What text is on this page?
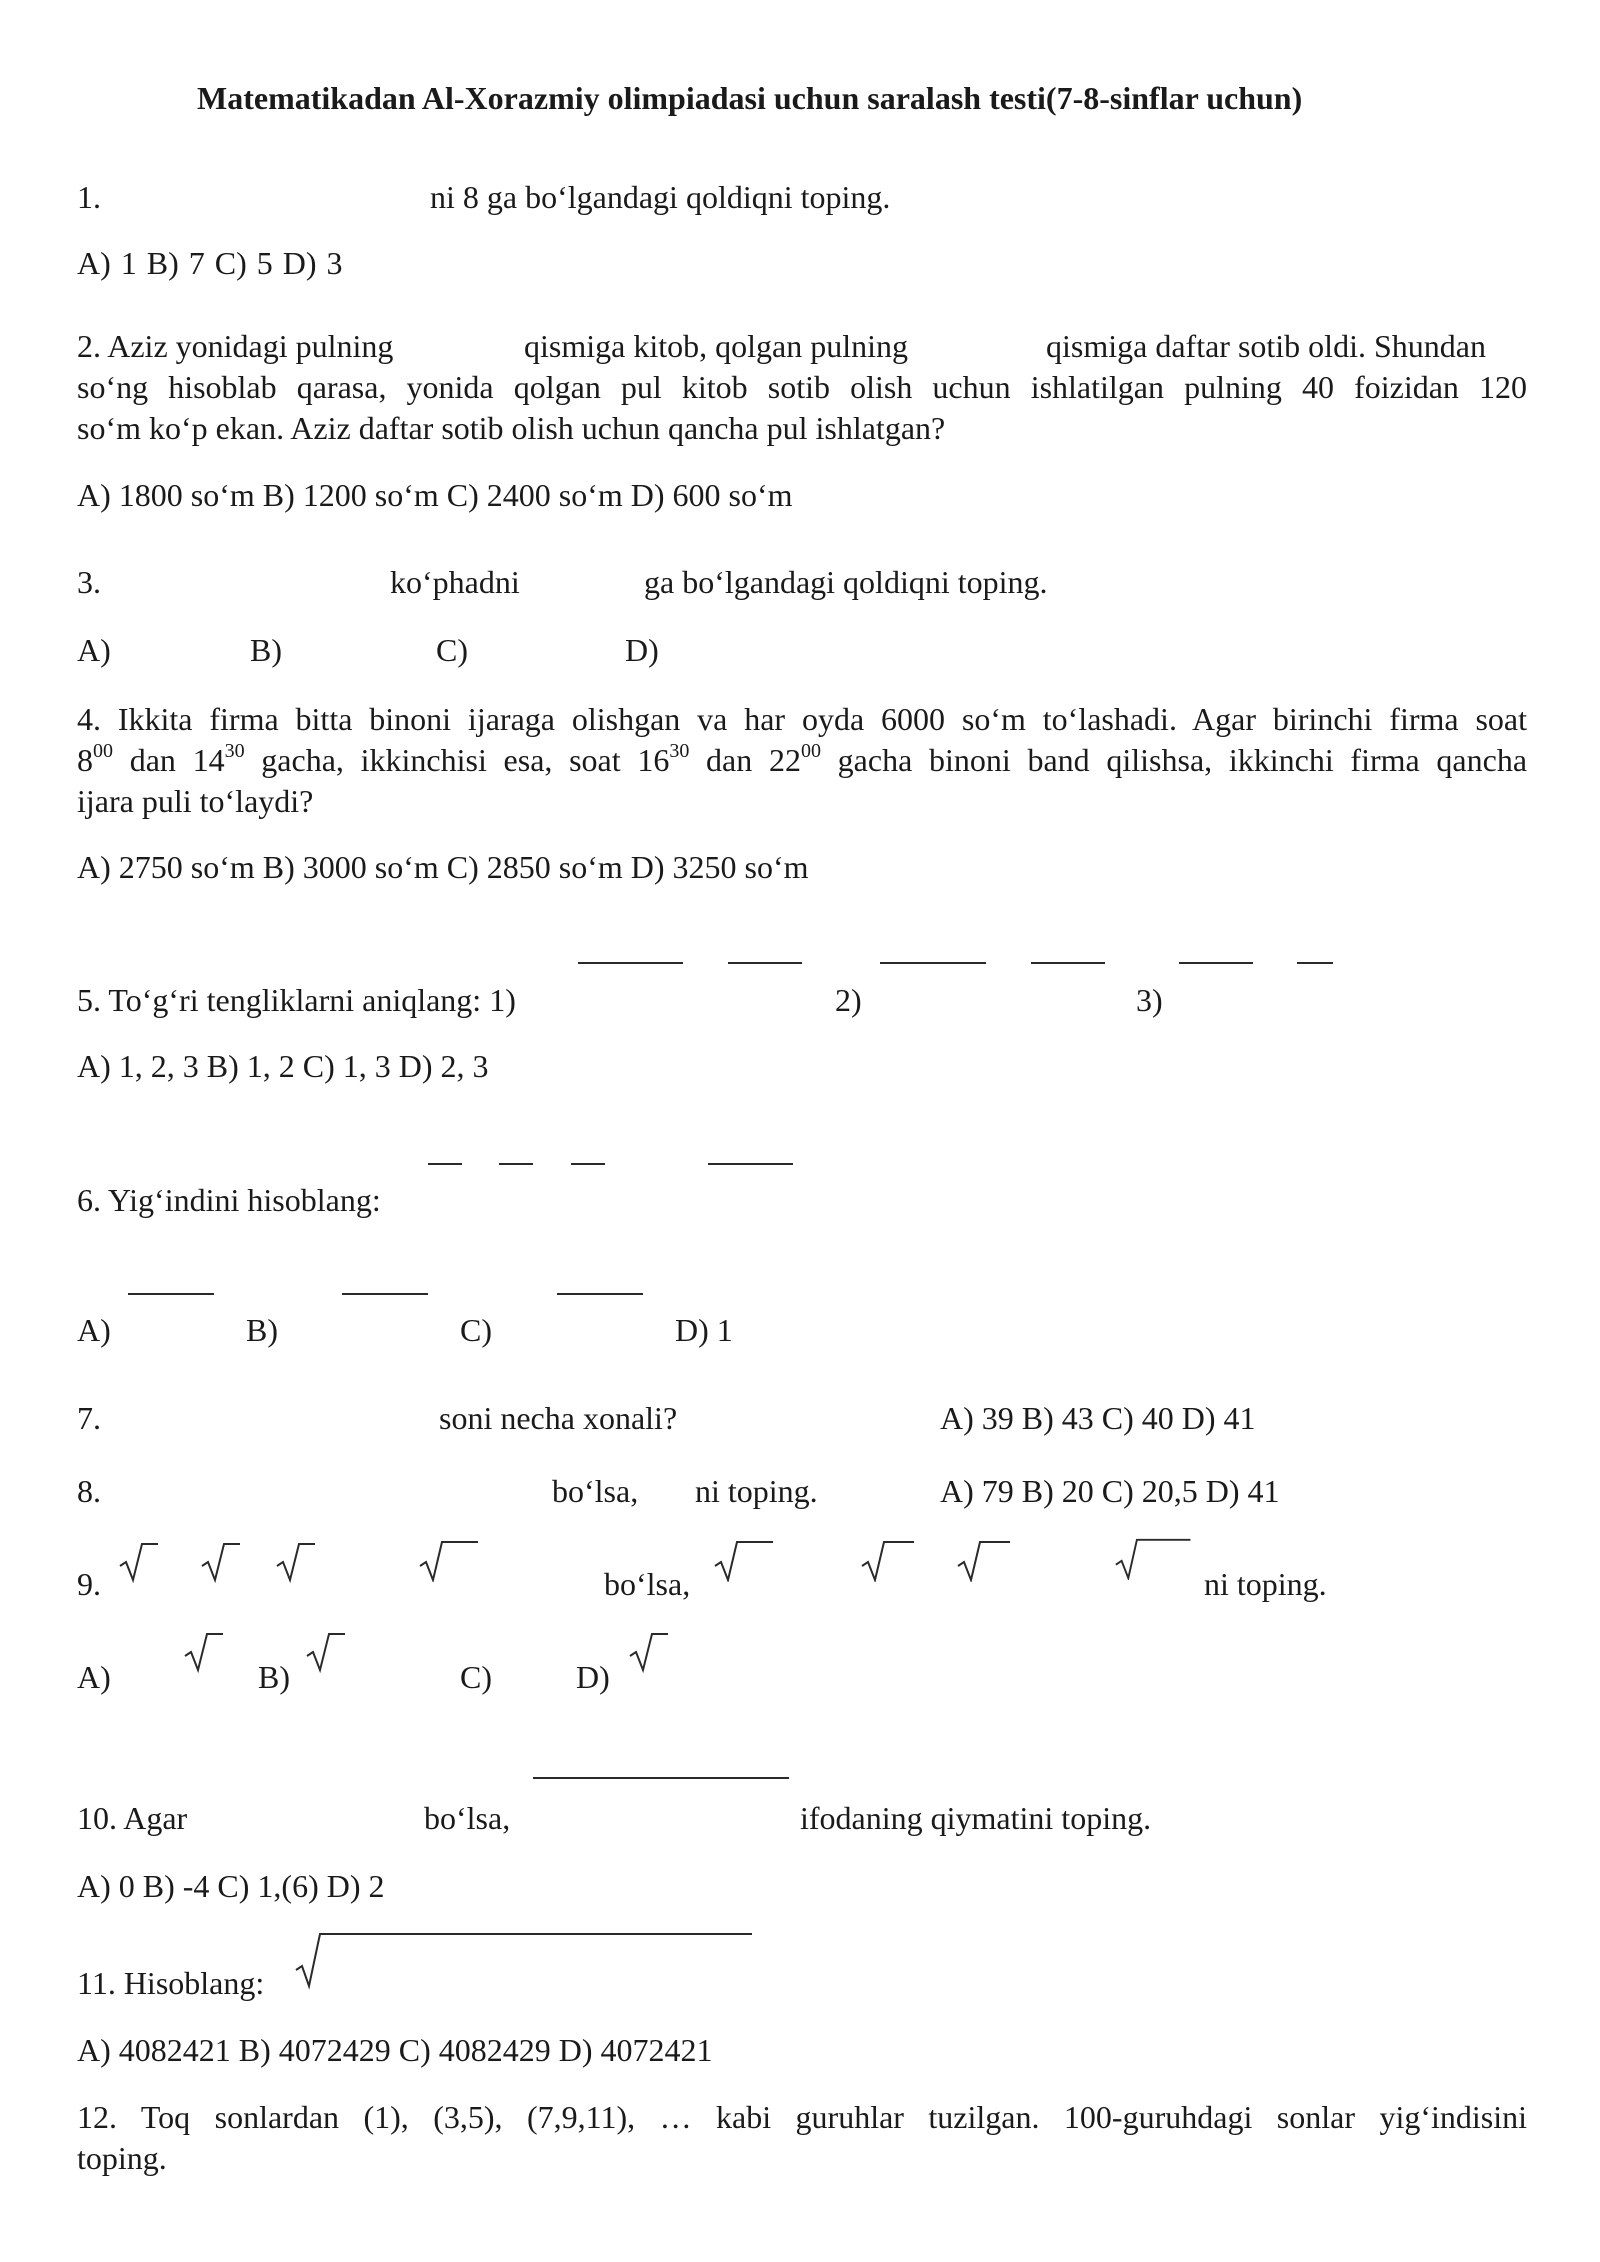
Matematikadan Al-Xorazmiy olimpiadasi uchun saralash testi(7-8-sinflar uchun)
1.	ni 8 ga bo‘lgandagi qoldiqni toping.
A) 1 B) 7 C) 5 D) 3
2. Aziz yonidagi pulning	qismiga kitob, qolgan pulning	qismiga daftar sotib oldi. Shundan
so‘ng hisoblab qarasa, yonida qolgan pul kitob sotib olish uchun ishlatilgan pulning 40 foizidan 120
so‘m ko‘p ekan. Aziz daftar sotib olish uchun qancha pul ishlatgan?
A) 1800 so‘m B) 1200 so‘m C) 2400 so‘m D) 600 so‘m
3.	ko‘phadni	ga bo‘lgandagi qoldiqni toping.
A)	B)	C)	D)
4. Ikkita firma bitta binoni ijaraga olishgan va har oyda 6000 so‘m to‘lashadi. Agar birinchi firma soat
$8^{00}$ dan $14^{30}$ gacha, ikkinchisi esa, soat $16^{30}$ dan $22^{00}$ gacha binoni band qilishsa, ikkinchi firma qancha
ijara puli to‘laydi?
A) 2750 so‘m B) 3000 so‘m C) 2850 so‘m D) 3250 so‘m
5. To‘g‘ri tengliklarni aniqlang: 1)	2)	3)
A) 1, 2, 3 B) 1, 2 C) 1, 3 D) 2, 3
6. Yig‘indini hisoblang:
A)	B)	C)	D) 1
7.	soni necha xonali?	A) 39 B) 43 C) 40 D) 41
8.	bo‘lsa, ni toping.	A) 79 B) 20 C) 20,5 D) 41
9.	bo‘lsa,	ni toping.
A)	B)	C)	D)
10. Agar	bo‘lsa,	ifodaning qiymatini toping.
A) 0 B) -4 C) 1,(6) D) 2
11. Hisoblang:
A) 4082421 B) 4072429 C) 4082429 D) 4072421
12. Toq sonlardan (1), (3,5), (7,9,11), … kabi guruhlar tuzilgan. 100-guruhdagi sonlar yig‘indisini
toping.
